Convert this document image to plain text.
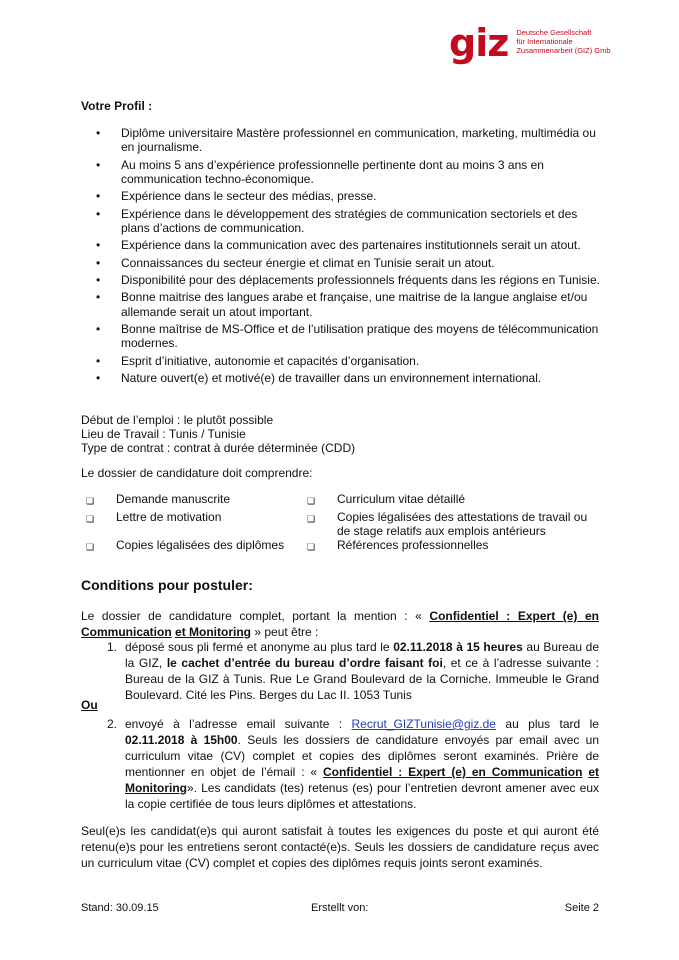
giz Deutsche Gesellschaft
für Internationale
Zusammenarbeit (GIZ) Gmb
Votre Profil :
• Diplôme universitaire Mastère professionnel en communication, marketing, multimédia ou en journalisme.
• Au moins 5 ans d’expérience professionnelle pertinente dont au moins 3 ans en communication techno-économique.
• Expérience dans le secteur des médias, presse.
• Expérience dans le développement des stratégies de communication sectoriels et des plans d’actions de communication.
• Expérience dans la communication avec des partenaires institutionnels serait un atout.
• Connaissances du secteur énergie et climat en Tunisie serait un atout.
• Disponibilité pour des déplacements professionnels fréquents dans les régions en Tunisie.
• Bonne maitrise des langues arabe et française, une maitrise de la langue anglaise et/ou allemande serait un atout important.
• Bonne maîtrise de MS-Office et de l’utilisation pratique des moyens de télécommunication modernes.
• Esprit d’initiative, autonomie et capacités d’organisation.
• Nature ouvert(e) et motivé(e) de travailler dans un environnement international.
Début de l’emploi : le plutôt possible
Lieu de Travail : Tunis / Tunisie
Type de contrat : contrat à durée déterminée (CDD)
Le dossier de candidature doit comprendre:
❑ Demande manuscrite	❑ Curriculum vitae détaillé
❑ Lettre de motivation	❑ Copies légalisées des attestations de travail ou de stage relatifs aux emplois antérieurs
❑ Copies légalisées des diplômes	❑ Références professionnelles
Conditions pour postuler:
Le dossier de candidature complet, portant la mention : « Confidentiel : Expert (e) en Communication et Monitoring » peut être :
1. déposé sous pli fermé et anonyme au plus tard le 02.11.2018 à 15 heures au Bureau de la GIZ, le cachet d’entrée du bureau d’ordre faisant foi, et ce à l’adresse suivante : Bureau de la GIZ à Tunis. Rue Le Grand Boulevard de la Corniche. Immeuble le Grand Boulevard. Cité les Pins. Berges du Lac II. 1053 Tunis
Ou
2. envoyé à l’adresse email suivante : Recrut_GIZTunisie@giz.de au plus tard le 02.11.2018 à 15h00. Seuls les dossiers de candidature envoyés par email avec un curriculum vitae (CV) complet et copies des diplômes seront examinés. Prière de mentionner en objet de l’émail : « Confidentiel : Expert (e) en Communication et Monitoring». Les candidats (tes) retenus (es) pour l’entretien devront amener avec eux la copie certifiée de tous leurs diplômes et attestations.
Seul(e)s les candidat(e)s qui auront satisfait à toutes les exigences du poste et qui auront été retenu(e)s pour les entretiens seront contacté(e)s. Seuls les dossiers de candidature reçus avec un curriculum vitae (CV) complet et copies des diplômes requis joints seront examinés.
Stand: 30.09.15	Erstellt von:	Seite 2
